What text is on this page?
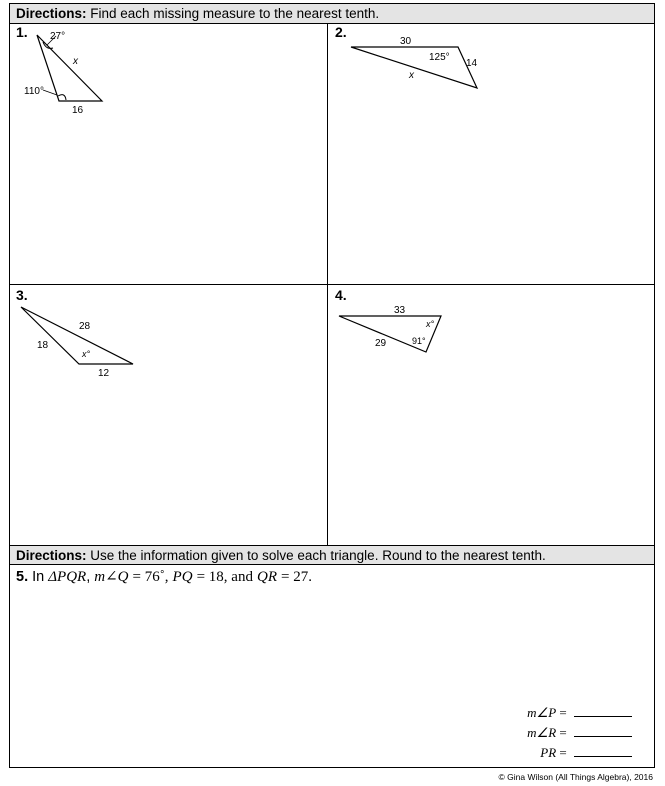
Directions: Find each missing measure to the nearest tenth.
1. 27°
x
110°
16
2.
30
125°
14
x
3.
28
18
x°
12
4.
33
x°
29	91°
Directions: Use the information given to solve each triangle. Round to the nearest tenth.
5. In ΔPQR, m∠Q = 76˚, PQ = 18, and QR = 27.
m∠P =
m∠R =
PR =
© Gina Wilson (All Things Algebra), 2016
